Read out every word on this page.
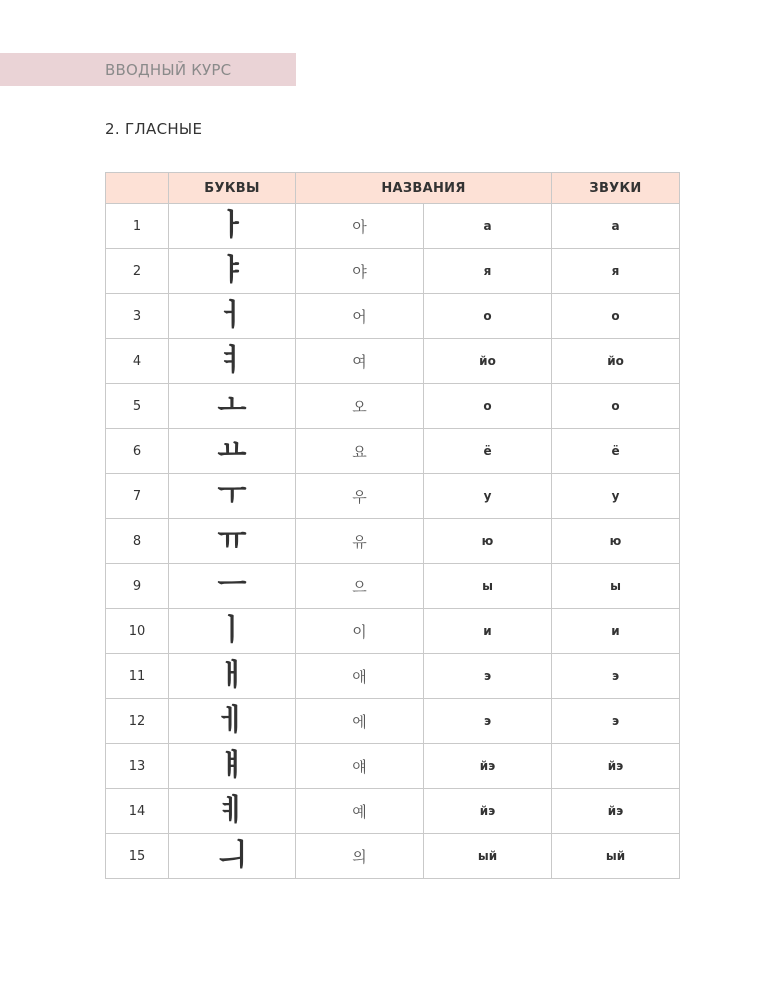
ВВОДНЫЙ КУРС
2. ГЛАСНЫЕ
	БУКВЫ	НАЗВАНИЯ		ЗВУКИ
1	ㅏ	아	а	а
2	ㅑ	야	я	я
3	ㅓ	어	о	о
4	ㅕ	여	йо	йо
5	ㅗ	오	о	о
6	ㅛ	요	ё	ё
7	ㅜ	우	у	у
8	ㅠ	유	ю	ю
9	ㅡ	으	ы	ы
10	ㅣ	이	и	и
11	ㅐ	애	э	э
12	ㅔ	에	э	э
13	ㅒ	얘	йэ	йэ
14	ㅖ	예	йэ	йэ
15	ㅢ	의	ый	ый
